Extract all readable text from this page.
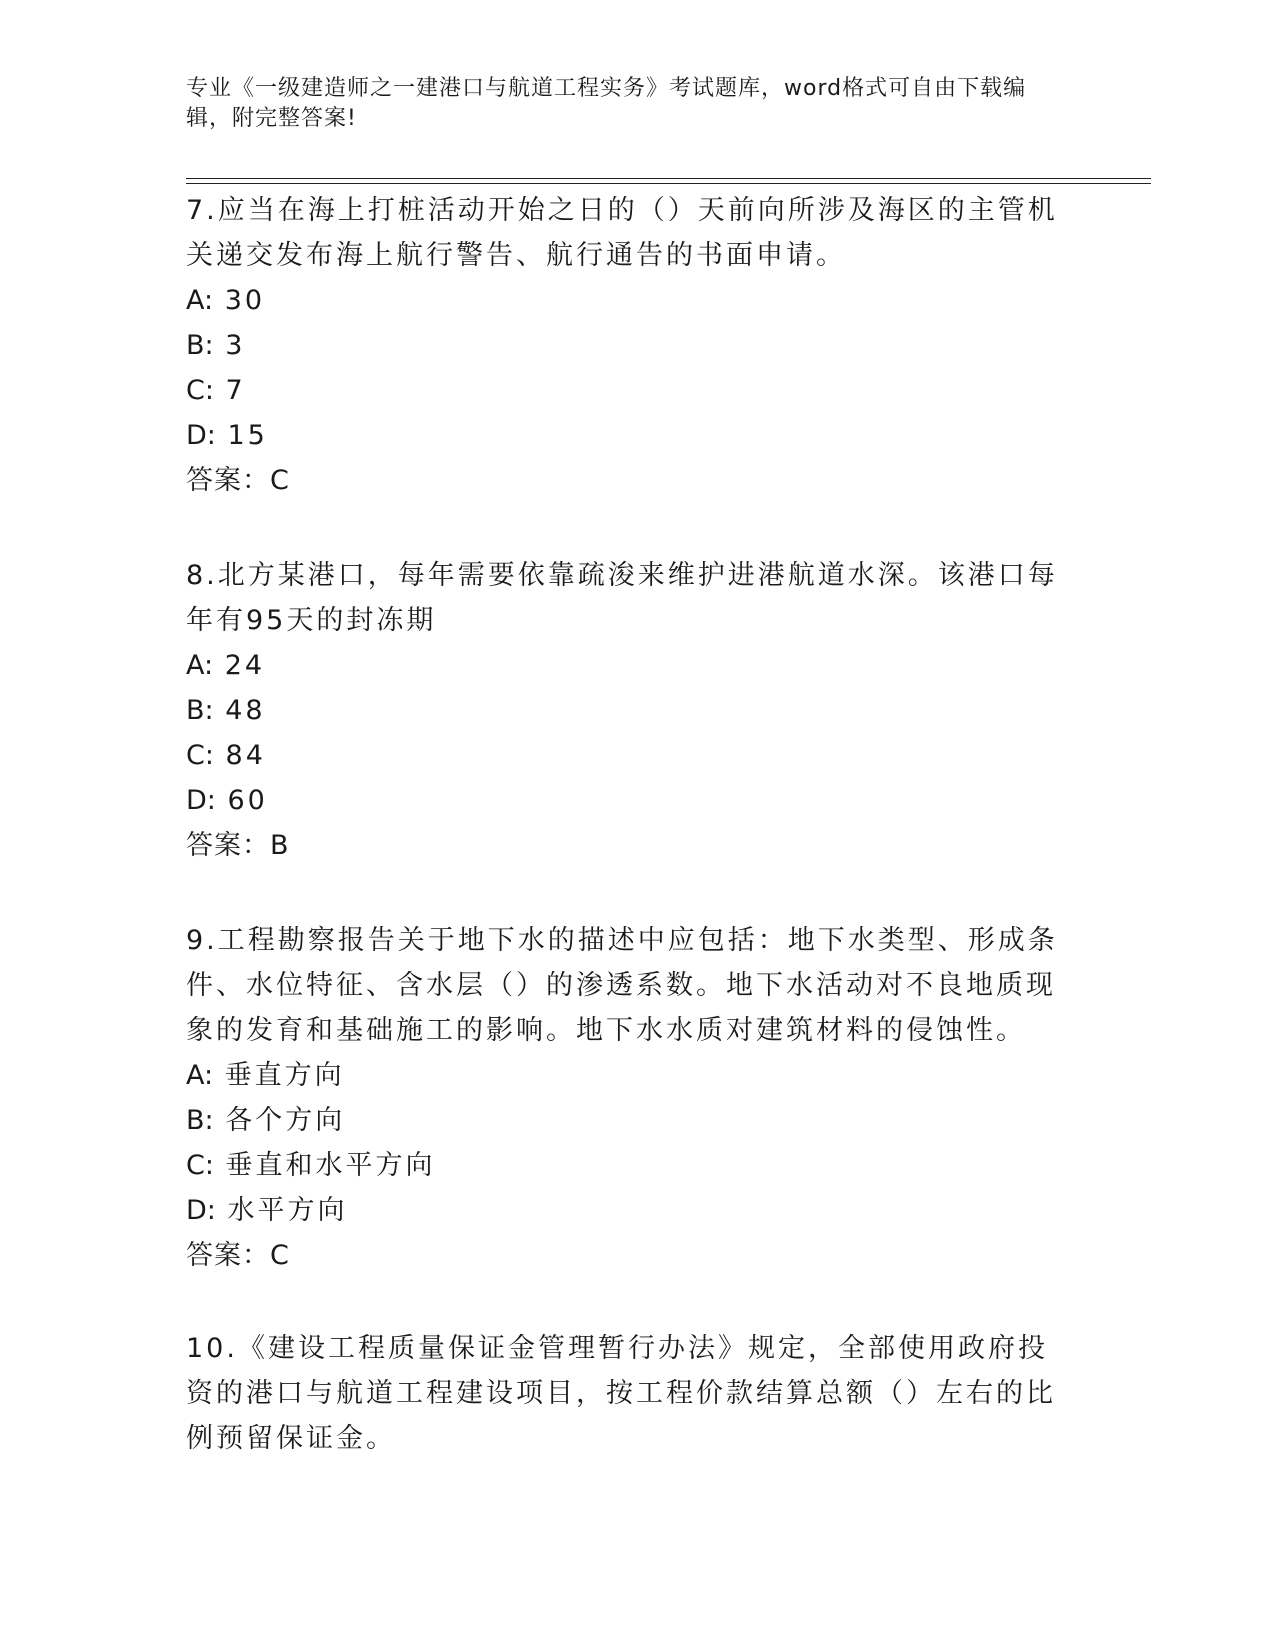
专业《一级建造师之一建港口与航道工程实务》考试题库，word格式可自由下载编辑，附完整答案!

7.应当在海上打桩活动开始之日的（）天前向所涉及海区的主管机关递交发布海上航行警告、航行通告的书面申请。

A: 30

B: 3

C: 7

D: 15

答案：C

8.北方某港口，每年需要依靠疏浚来维护进港航道水深。该港口每年有95天的封冻期

A: 24

B: 48

C: 84

D: 60

答案：B

9.工程勘察报告关于地下水的描述中应包括：地下水类型、形成条件、水位特征、含水层（）的渗透系数。地下水活动对不良地质现象的发育和基础施工的影响。地下水水质对建筑材料的侵蚀性。

A: 垂直方向

B: 各个方向

C: 垂直和水平方向

D: 水平方向

答案：C

10.《建设工程质量保证金管理暂行办法》规定，全部使用政府投资的港口与航道工程建设项目，按工程价款结算总额（）左右的比例预留保证金。
